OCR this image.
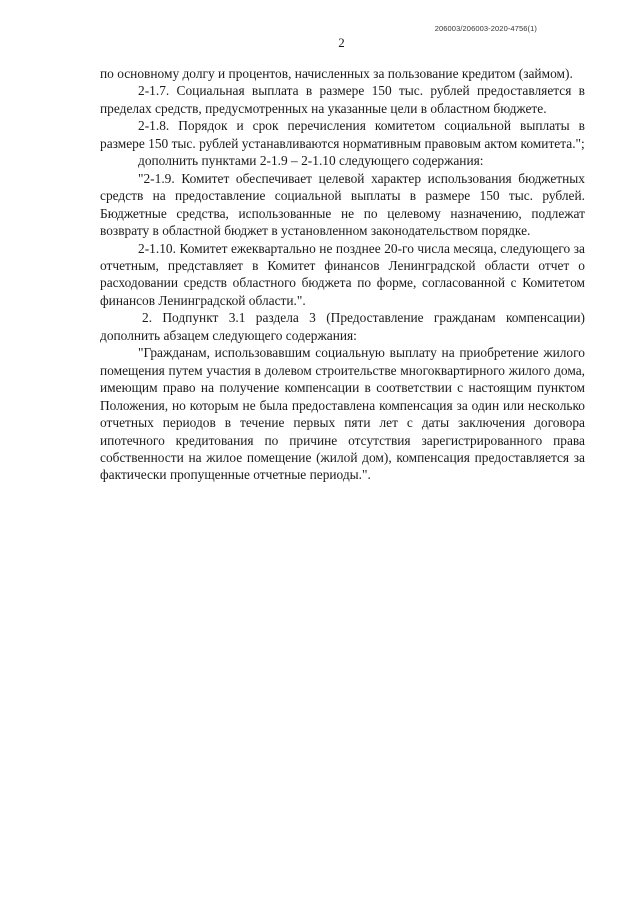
206003/206003-2020-4756(1)
2

по основному долгу и процентов, начисленных за пользование кредитом (займом).

2-1.7. Социальная выплата в размере 150 тыс. рублей предоставляется в пределах средств, предусмотренных на указанные цели в областном бюджете.

2-1.8. Порядок и срок перечисления комитетом социальной выплаты в размере 150 тыс. рублей устанавливаются нормативным правовым актом комитета.";

дополнить пунктами 2-1.9 – 2-1.10 следующего содержания:

"2-1.9. Комитет обеспечивает целевой характер использования бюджетных средств на предоставление социальной выплаты в размере 150 тыс. рублей. Бюджетные средства, использованные не по целевому назначению, подлежат возврату в областной бюджет в установленном законодательством порядке.

2-1.10. Комитет ежеквартально не позднее 20-го числа месяца, следующего за отчетным, представляет в Комитет финансов Ленинградской области отчет о расходовании средств областного бюджета по форме, согласованной с Комитетом финансов Ленинградской области.".

2. Подпункт 3.1 раздела 3 (Предоставление гражданам компенсации) дополнить абзацем следующего содержания:

"Гражданам, использовавшим социальную выплату на приобретение жилого помещения путем участия в долевом строительстве многоквартирного жилого дома, имеющим право на получение компенсации в соответствии с настоящим пунктом Положения, но которым не была предоставлена компенсация за один или несколько отчетных периодов в течение первых пяти лет с даты заключения договора ипотечного кредитования по причине отсутствия зарегистрированного права собственности на жилое помещение (жилой дом), компенсация предоставляется за фактически пропущенные отчетные периоды.".
